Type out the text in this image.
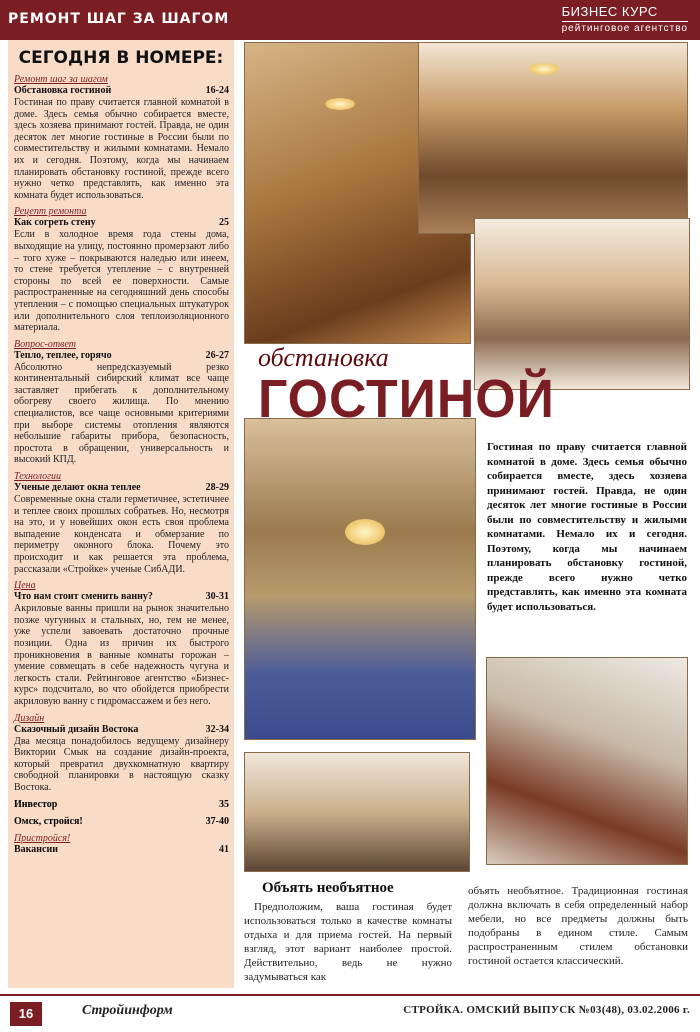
РЕМОНТ ШАГ ЗА ШАГОМ	БИЗНЕС КУРС
рейтинговое агентство
СЕГОДНЯ В НОМЕРЕ:
Ремонт шаг за шагом
Обстановка гостиной	16-24
Гостиная по праву считается главной комнатой в доме. Здесь семья обычно собирается вместе, здесь хозяева принимают гостей. Правда, не один десяток лет многие гостиные в России были по совместительству и жилыми комнатами. Немало их и сегодня. Поэтому, когда мы начинаем планировать обстановку гостиной, прежде всего нужно четко представлять, как именно эта комната будет использоваться.
Рецепт ремонта
Как согреть стену	25
Если в холодное время года стены дома, выходящие на улицу, постоянно промерзают либо – того хуже – покрываются наледью или инеем, то стене требуется утепление – с внутренней стороны по всей ее поверхности. Самые распространенные на сегодняшний день способы утепления – с помощью специальных штукатурок или дополнительного слоя теплоизоляционного материала.
Вопрос-ответ
Тепло, теплее, горячо	26-27
Абсолютно непредсказуемый резко континентальный сибирский климат все чаще заставляет прибегать к дополнительному обогреву своего жилища. По мнению специалистов, все чаще основными критериями при выборе системы отопления являются небольшие габариты прибора, безопасность, простота в обращении, универсальность и высокий КПД.
Технологии
Ученые делают окна теплее	28-29
Современные окна стали герметичнее, эстетичнее и теплее своих прошлых собратьев. Но, несмотря на это, и у новейших окон есть своя проблема выпадение конденсата и обмерзание по периметру оконного блока. Почему это происходит и как решается эта проблема, рассказали «Стройке» ученые СибАДИ.
Цена
Что нам стоит сменить ванну?	30-31
Акриловые ванны пришли на рынок значительно позже чугунных и стальных, но, тем не менее, уже успели завоевать достаточно прочные позиции. Одна из причин их быстрого проникновения в ванные комнаты горожан – умение совмещать в себе надежность чугуна и легкость стали. Рейтинговое агентство «Бизнес-курс» подсчитало, во что обойдется приобрести акриловую ванну с гидромассажем и без него.
Дизайн
Сказочный дизайн Востока	32-34
Два месяца понадобилось ведущему дизайнеру Виктории Смык на создание дизайн-проекта, который превратил двухкомнатную квартиру свободной планировки в настоящую сказку Востока.
Инвестор	35
Омск, стройся!	37-40
Пристройся!
Вакансии	41
обстановка
ГОСТИНОЙ
Гостиная по праву считается главной комнатой в доме. Здесь семья обычно собирается вместе, здесь хозяева принимают гостей. Правда, не один десяток лет многие гостиные в России были по совместительству и жилыми комнатами. Немало их и сегодня. Поэтому, когда мы начинаем планировать обстановку гостиной, прежде всего нужно четко представлять, как именно эта комната будет использоваться.
Объять необъятное
Предположим, ваша гостиная будет использоваться только в качестве комнаты отдыха и для приема гостей. На первый взгляд, этот вариант наиболее простой. Действительно, ведь не нужно задумываться как
объять необъятное. Традиционная гостиная должна включать в себя определенный набор мебели, но все предметы должны быть подобраны в едином стиле. Самым распространенным стилем обстановки гостиной остается классический.
16	Стройинформ	СТРОЙКА. ОМСКИЙ ВЫПУСК №03(48), 03.02.2006 г.
